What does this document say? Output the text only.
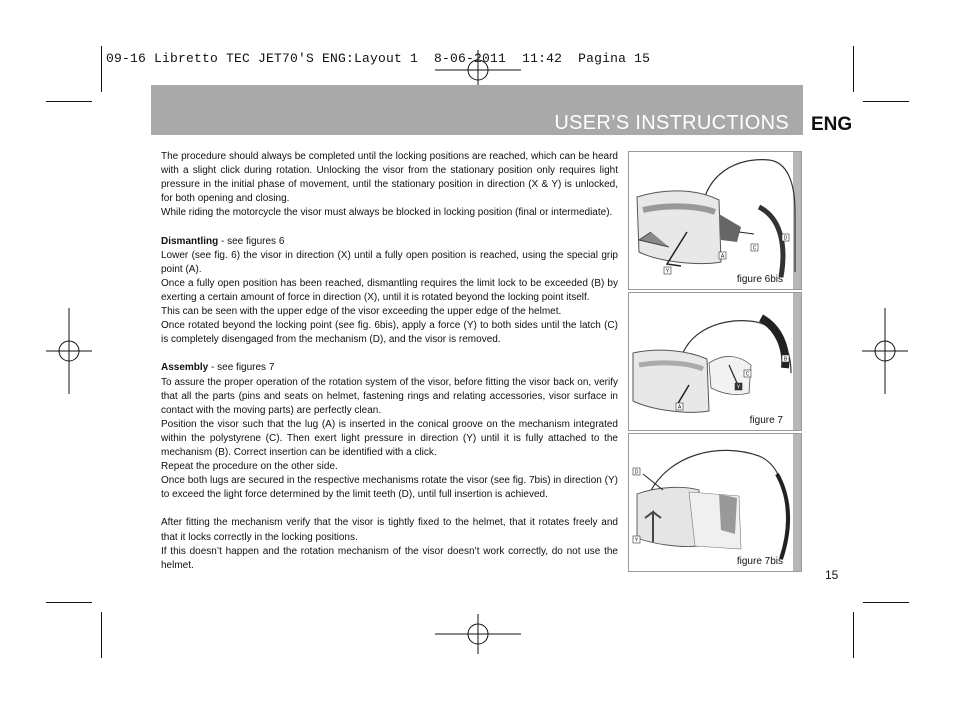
09-16 Libretto TEC JET70'S ENG:Layout 1  8-06-2011  11:42  Pagina 15
USER’S INSTRUCTIONS ENG

The procedure should always be completed until the locking positions are reached, which can be heard with a slight click during rotation. Unlocking the visor from the stationary position only requires light pressure in the initial phase of movement, until the stationary position in direction (X & Y) is unlocked, for both opening and closing.

While riding the motorcycle the visor must always be blocked in locking position (final or intermediate).

Dismantling - see figures 6

Lower (see fig. 6) the visor in direction (X) until a fully open position is reached, using the special grip point (A).

Once a fully open position has been reached, dismantling requires the limit lock to be exceeded (B) by exerting a certain amount of force in direction (X), until it is rotated beyond the locking point itself.

This can be seen with the upper edge of the visor exceeding the upper edge of the helmet.

Once rotated beyond the locking point (see fig. 6bis), apply a force (Y) to both sides until the latch (C) is completely disengaged from the mechanism (D), and the visor is removed.

Assembly - see figures 7

To assure the proper operation of the rotation system of the visor, before fitting the visor back on, verify that all the parts (pins and seats on helmet, fastening rings and relating accessories, visor surface in contact with the moving parts) are perfectly clean.

Position the visor such that the lug (A) is inserted in the conical groove on the mechanism integrated within the polystyrene (C). Then exert light pressure in direction (Y) until it is fully attached to the mechanism (B). Correct insertion can be identified with a click.

Repeat the procedure on the other side.

Once both lugs are secured in the respective mechanisms rotate the visor (see fig. 7bis) in direction (Y) to exceed the light force determined by the limit teeth (D), until full insertion is achieved.

After fitting the mechanism verify that the visor is tightly fixed to the helmet, that it rotates freely and that it locks correctly in the locking positions.

If this doesn’t happen and the rotation mechanism of the visor doesn’t work correctly, do not use the helmet.

D
C
A
Y
figure 6bis
B
C
Y
A
figure 7
D
Y
figure 7bis
15
